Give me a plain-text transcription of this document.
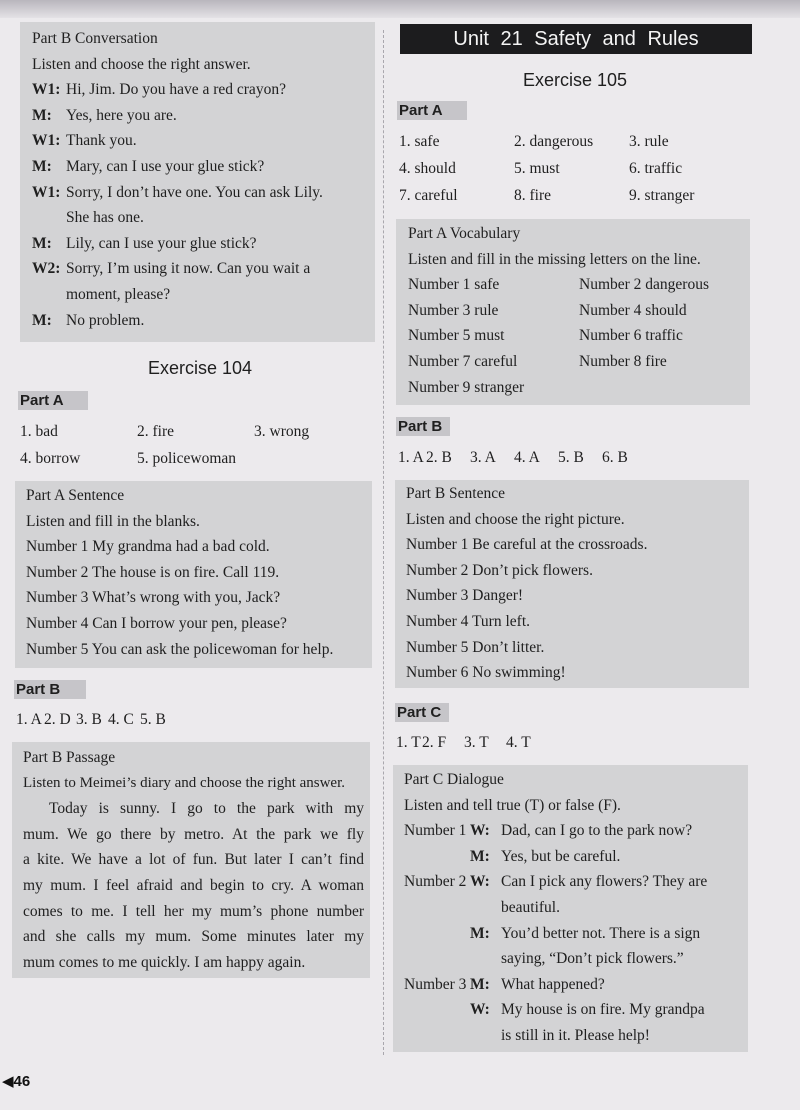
Part B Conversation
Listen and choose the right answer.
W1: Hi, Jim. Do you have a red crayon?
M: Yes, here you are.
W1: Thank you.
M: Mary, can I use your glue stick?
W1: Sorry, I don’t have one. You can ask Lily.
She has one.
M: Lily, can I use your glue stick?
W2: Sorry, I’m using it now. Can you wait a
moment, please?
M: No problem.
Exercise 104
Part A
1. bad	2. fire	3. wrong
4. borrow	5. policewoman
Part A Sentence
Listen and fill in the blanks.
Number 1 My grandma had a bad cold.
Number 2 The house is on fire. Call 119.
Number 3 What’s wrong with you, Jack?
Number 4 Can I borrow your pen, please?
Number 5 You can ask the policewoman for help.
Part B
1. A 2. D 3. B 4. C 5. B
Part B Passage
Listen to Meimei’s diary and choose the right answer.
Today is sunny. I go to the park with my
mum. We go there by metro. At the park we fly
a kite. We have a lot of fun. But later I can’t find
my mum. I feel afraid and begin to cry. A woman
comes to me. I tell her my mum’s phone number
and she calls my mum. Some minutes later my
mum comes to me quickly. I am happy again.
◀46
Unit 21 Safety and Rules
Exercise 105
Part A
1. safe	2. dangerous	3. rule
4. should	5. must	6. traffic
7. careful	8. fire	9. stranger
Part A Vocabulary
Listen and fill in the missing letters on the line.
Number 1 safe	Number 2 dangerous
Number 3 rule	Number 4 should
Number 5 must	Number 6 traffic
Number 7 careful	Number 8 fire
Number 9 stranger
Part B
1. A 2. B	3. A	4. A	5. B	6. B
Part B Sentence
Listen and choose the right picture.
Number 1 Be careful at the crossroads.
Number 2 Don’t pick flowers.
Number 3 Danger!
Number 4 Turn left.
Number 5 Don’t litter.
Number 6 No swimming!
Part C
1. T 2. F	3. T	4. T
Part C Dialogue
Listen and tell true (T) or false (F).
Number 1 W: Dad, can I go to the park now?
M: Yes, but be careful.
Number 2 W: Can I pick any flowers? They are
beautiful.
M: You’d better not. There is a sign
saying, “Don’t pick flowers.”
Number 3 M: What happened?
W: My house is on fire. My grandpa
is still in it. Please help!
